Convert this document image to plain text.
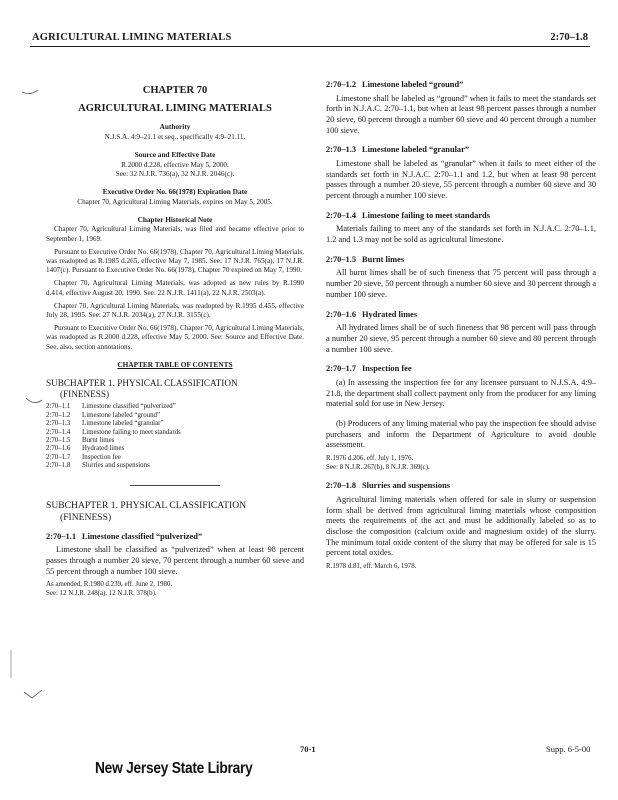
AGRICULTURAL LIMING MATERIALS	2:70–1.8
CHAPTER 70
AGRICULTURAL LIMING MATERIALS
Authority
N.J.S.A. 4:9–21.1 et seq., specifically 4:9–21.11.
Source and Effective Date
R.2000 d.228, effective May 5, 2000.
See: 32 N.J.R. 736(a), 32 N.J.R. 2046(c).
Executive Order No. 66(1978) Expiration Date
Chapter 70, Agricultural Liming Materials, expires on May 5, 2005.
Chapter Historical Note

Chapter 70, Agricultural Liming Materials, was filed and became effective prior to September 1, 1969.

Pursuant to Executive Order No. 66(1978), Chapter 70, Agricultural Liming Materials, was readopted as R.1985 d.265, effective May 7, 1985. See: 17 N.J.R. 765(a), 17 N.J.R. 1407(c). Pursuant to Executive Order No. 66(1978), Chapter 70 expired on May 7, 1990.

Chapter 70, Agricultural Liming Materials, was adopted as new rules by R.1990 d.414, effective August 20, 1990. See: 22 N.J.R. 1411(a), 22 N.J.R. 2503(a).

Chapter 70, Agricultural Liming Materials, was readopted by R.1995 d.455, effective July 28, 1995. See: 27 N.J.R. 2034(a), 27 N.J.R. 3155(c).

Pursuant to Executive Order No. 66(1978), Chapter 70, Agricultural Liming Materials, was readopted as R.2000 d.228, effective May 5, 2000. See: Source and Effective Date. See, also, section annotations.

CHAPTER TABLE OF CONTENTS
SUBCHAPTER 1. PHYSICAL CLASSIFICATION
(FINENESS)
2:70–1.1	Limestone classified “pulverized”
2:70–1.2	Limestone labeled “ground”
2:70–1.3	Limestone labeled “granular”
2:70–1.4	Limestone failing to meet standards
2:70–1.5	Burnt limes
2:70–1.6	Hydrated limes
2:70–1.7	Inspection fee
2:70–1.8	Slurries and suspensions
SUBCHAPTER 1. PHYSICAL CLASSIFICATION
(FINENESS)
2:70–1.1 Limestone classified “pulverized”

Limestone shall be classified as “pulverized” when at least 98 percent passes through a number 20 sieve, 70 percent through a number 60 sieve and 55 percent through a number 100 sieve.

As amended, R.1980 d.239, eff. June 2, 1980.
See: 12 N.J.R. 248(a), 12 N.J.R. 378(b).
2:70–1.2 Limestone labeled “ground”

Limestone shall be labeled as “ground” when it fails to meet the standards set forth in N.J.A.C. 2:70–1.1, but when at least 98 percent passes through a number 20 sieve, 60 percent through a number 60 sieve and 40 percent through a number 100 sieve.

2:70–1.3 Limestone labeled “granular”

Limestone shall be labeled as “granular” when it fails to meet either of the standards set forth in N.J.A.C. 2:70–1.1 and 1.2, but when at least 98 percent passes through a number 20 sieve, 55 percent through a number 60 sieve and 30 percent through a number 100 sieve.

2:70–1.4 Limestone failing to meet standards

Materials failing to meet any of the standards set forth in N.J.A.C. 2:70–1.1, 1.2 and 1.3 may not be sold as agricultural limestone.

2:70–1.5 Burnt limes

All burnt limes shall be of such fineness that 75 percent will pass through a number 20 sieve, 50 percent through a number 60 sieve and 30 percent through a number 100 sieve.

2:70–1.6 Hydrated limes

All hydrated limes shall be of such fineness that 98 percent will pass through a number 20 sieve, 95 percent through a number 60 sieve and 80 percent through a number 100 sieve.

2:70–1.7 Inspection fee

(a) In assessing the inspection fee for any licensee pursuant to N.J.S.A. 4:9–21.8, the department shall collect payment only from the producer for any liming material sold for use in New Jersey.

(b) Producers of any liming material who pay the inspection fee should advise purchasers and inform the Department of Agriculture to avoid double assessment.

R.1976 d.206, eff. July 1, 1976.
See: 8 N.J.R. 267(b), 8 N.J.R. 369(c).
2:70–1.8 Slurries and suspensions

Agricultural liming materials when offered for sale in slurry or suspension form shall be derived from agricultural liming materials whose composition meets the requirements of the act and must be additionally labeled so as to disclose the composition (calcium oxide and magnesium oxide) of the slurry. The minimum total oxide content of the slurry that may be offered for sale is 15 percent total oxides.

R.1978 d.81, eff. March 6, 1978.
70-1	Supp. 6-5-00
New Jersey State Library
